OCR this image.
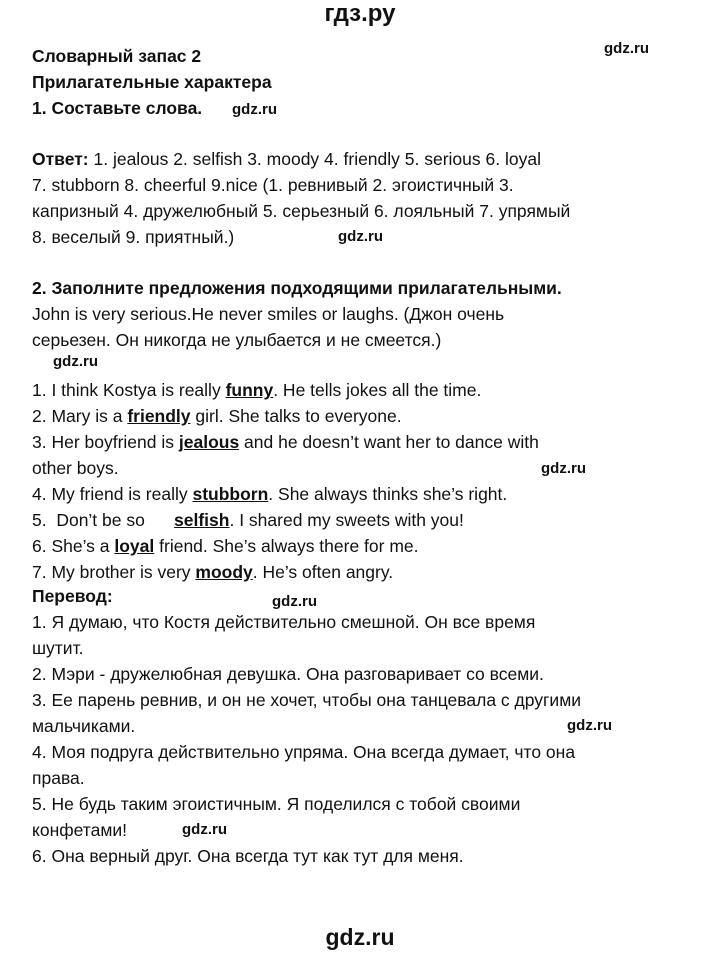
гдз.ру
gdz.ru
Словарный запас 2
Прилагательные характера
1. Составьте слова. gdz.ru
Ответ: 1. jealous 2. selfish 3. moody 4. friendly 5. serious 6. loyal
7. stubborn 8. cheerful 9.nice (1. ревнивый 2. эгоистичный 3.
капризный 4. дружелюбный 5. серьезный 6. лояльный 7. упрямый
8. веселый 9. приятный.)	gdz.ru
2. Заполните предложения подходящими прилагательными.
John is very serious.He never smiles or laughs. (Джон очень
серьезен. Он никогда не улыбается и не смеется.)
gdz.ru
1. I think Kostya is really funny. He tells jokes all the time.
2. Mary is a friendly girl. She talks to everyone.
3. Her boyfriend is jealous and he doesn’t want her to dance with
other boys.	gdz.ru
4. My friend is really stubborn. She always thinks she’s right.
5.  Don’t be so      selfish. I shared my sweets with you!
6. She’s a loyal friend. She’s always there for me.
7. My brother is very moody. He’s often angry.
Перевод:	gdz.ru
1. Я думаю, что Костя действительно смешной. Он все время
шутит.
2. Мэри - дружелюбная девушка. Она разговаривает со всеми.
3. Ее парень ревнив, и он не хочет, чтобы она танцевала с другими
мальчиками.	gdz.ru
4. Моя подруга действительно упряма. Она всегда думает, что она
права.
5. Не будь таким эгоистичным. Я поделился с тобой своими
конфетами!	gdz.ru
6. Она верный друг. Она всегда тут как тут для меня.
gdz.ru
